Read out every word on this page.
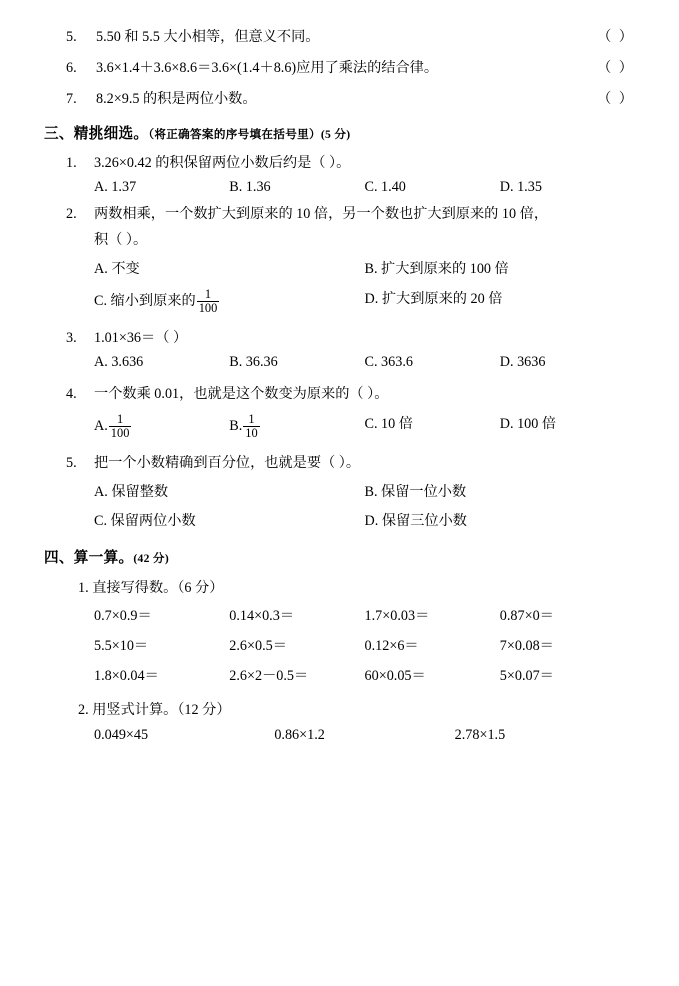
5.	5.50 和 5.5 大小相等，但意义不同。	（ ）
6.	3.6×1.4＋3.6×8.6＝3.6×(1.4＋8.6)应用了乘法的结合律。	（ ）
7.	8.2×9.5 的积是两位小数。	（ ）
三、精挑细选。（将正确答案的序号填在括号里）(5 分)
1.	3.26×0.42 的积保留两位小数后约是（ ）。
A. 1.37	B. 1.36	C. 1.40	D. 1.35
2.	两数相乘，一个数扩大到原来的 10 倍，另一个数也扩大到原来的 10 倍，
积（ ）。
A. 不变	B. 扩大到原来的 100 倍
C. 缩小到原来的 $\frac{1}{100}$	D. 扩大到原来的 20 倍
3.	1.01×36＝（ ）
A. 3.636	B. 36.36	C. 363.6	D. 3636
4.	一个数乘 0.01，也就是这个数变为原来的（ ）。
A. $\frac{1}{100}$	B. $\frac{1}{10}$	C. 10 倍	D. 100 倍
5.	把一个小数精确到百分位，也就是要（ ）。
A. 保留整数	B. 保留一位小数
C. 保留两位小数	D. 保留三位小数
四、算一算。(42 分)
1. 直接写得数。（6 分）
0.7×0.9＝	0.14×0.3＝	1.7×0.03＝	0.87×0＝
5.5×10＝	2.6×0.5＝	0.12×6＝	7×0.08＝
1.8×0.04＝	2.6×2－0.5＝	60×0.05＝	5×0.07＝
2. 用竖式计算。（12 分）
0.049×45	0.86×1.2	2.78×1.5
